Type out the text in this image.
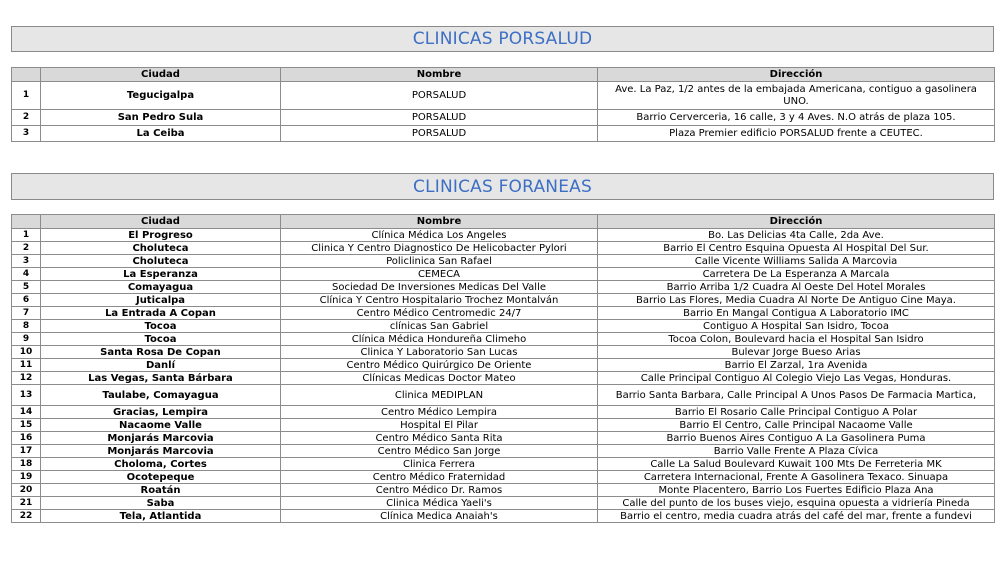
CLINICAS PORSALUD
	Ciudad	Nombre	Dirección
1	Tegucigalpa	PORSALUD	Ave. La Paz, 1/2 antes de la embajada Americana, contiguo a gasolinera UNO.
2	San Pedro Sula	PORSALUD	Barrio Cerverceria, 16 calle, 3 y 4 Aves. N.O atrás de plaza 105.
3	La Ceiba	PORSALUD	Plaza Premier edificio PORSALUD frente a CEUTEC.
CLINICAS FORANEAS
	Ciudad	Nombre	Dirección
1	El Progreso	Clínica Médica Los Angeles	Bo. Las Delicias 4ta Calle, 2da Ave.
2	Choluteca	Clinica Y Centro Diagnostico De Helicobacter Pylori	Barrio El Centro Esquina Opuesta Al Hospital Del Sur.
3	Choluteca	Policlinica San Rafael	Calle Vicente Williams Salida A Marcovia
4	La Esperanza	CEMECA	Carretera De La Esperanza A Marcala
5	Comayagua	Sociedad De Inversiones Medicas Del Valle	Barrio Arriba 1/2 Cuadra Al Oeste Del Hotel Morales
6	Juticalpa	Clínica Y Centro Hospitalario Trochez Montalván	Barrio Las Flores, Media Cuadra Al Norte De Antiguo Cine Maya.
7	La Entrada A Copan	Centro Médico Centromedic 24/7	Barrio En Mangal Contigua A Laboratorio IMC
8	Tocoa	clínicas San Gabriel	Contiguo A Hospital San Isidro, Tocoa
9	Tocoa	Clínica Médica Hondureña Climeho	Tocoa Colon, Boulevard hacia el Hospital San Isidro
10	Santa Rosa De Copan	Clinica Y Laboratorio San Lucas	Bulevar Jorge Bueso Arias
11	Danlí	Centro Médico Quirúrgico De Oriente	Barrio El Zarzal, 1ra Avenida
12	Las Vegas, Santa Bárbara	Clínicas Medicas Doctor Mateo	Calle Principal Contiguo Al Colegio Viejo Las Vegas, Honduras.
13	Taulabe, Comayagua	Clinica MEDIPLAN	Barrio Santa Barbara, Calle Principal A Unos Pasos De Farmacia Martica,
14	Gracias, Lempira	Centro Médico Lempira	Barrio El Rosario Calle Principal Contiguo A Polar
15	Nacaome Valle	Hospital El Pilar	Barrio El Centro, Calle Principal Nacaome Valle
16	Monjarás Marcovia	Centro Médico Santa Rita	Barrio Buenos Aires Contiguo A La Gasolinera Puma
17	Monjarás Marcovia	Centro Médico San Jorge	Barrio Valle Frente A Plaza Cívica
18	Choloma, Cortes	Clinica Ferrera	Calle La Salud Boulevard Kuwait 100 Mts De Ferreteria MK
19	Ocotepeque	Centro Médico Fraternidad	Carretera Internacional, Frente A Gasolinera Texaco. Sinuapa
20	Roatán	Centro Médico Dr. Ramos	Monte Placentero, Barrio Los Fuertes Edificio Plaza Ana
21	Saba	Clinica Médica Yaeli's	Calle del punto de los buses viejo, esquina opuesta a vidriería Pineda
22	Tela, Atlantida	Clínica Medica Anaiah's	Barrio el centro, media cuadra atrás del café del mar, frente a fundevi
